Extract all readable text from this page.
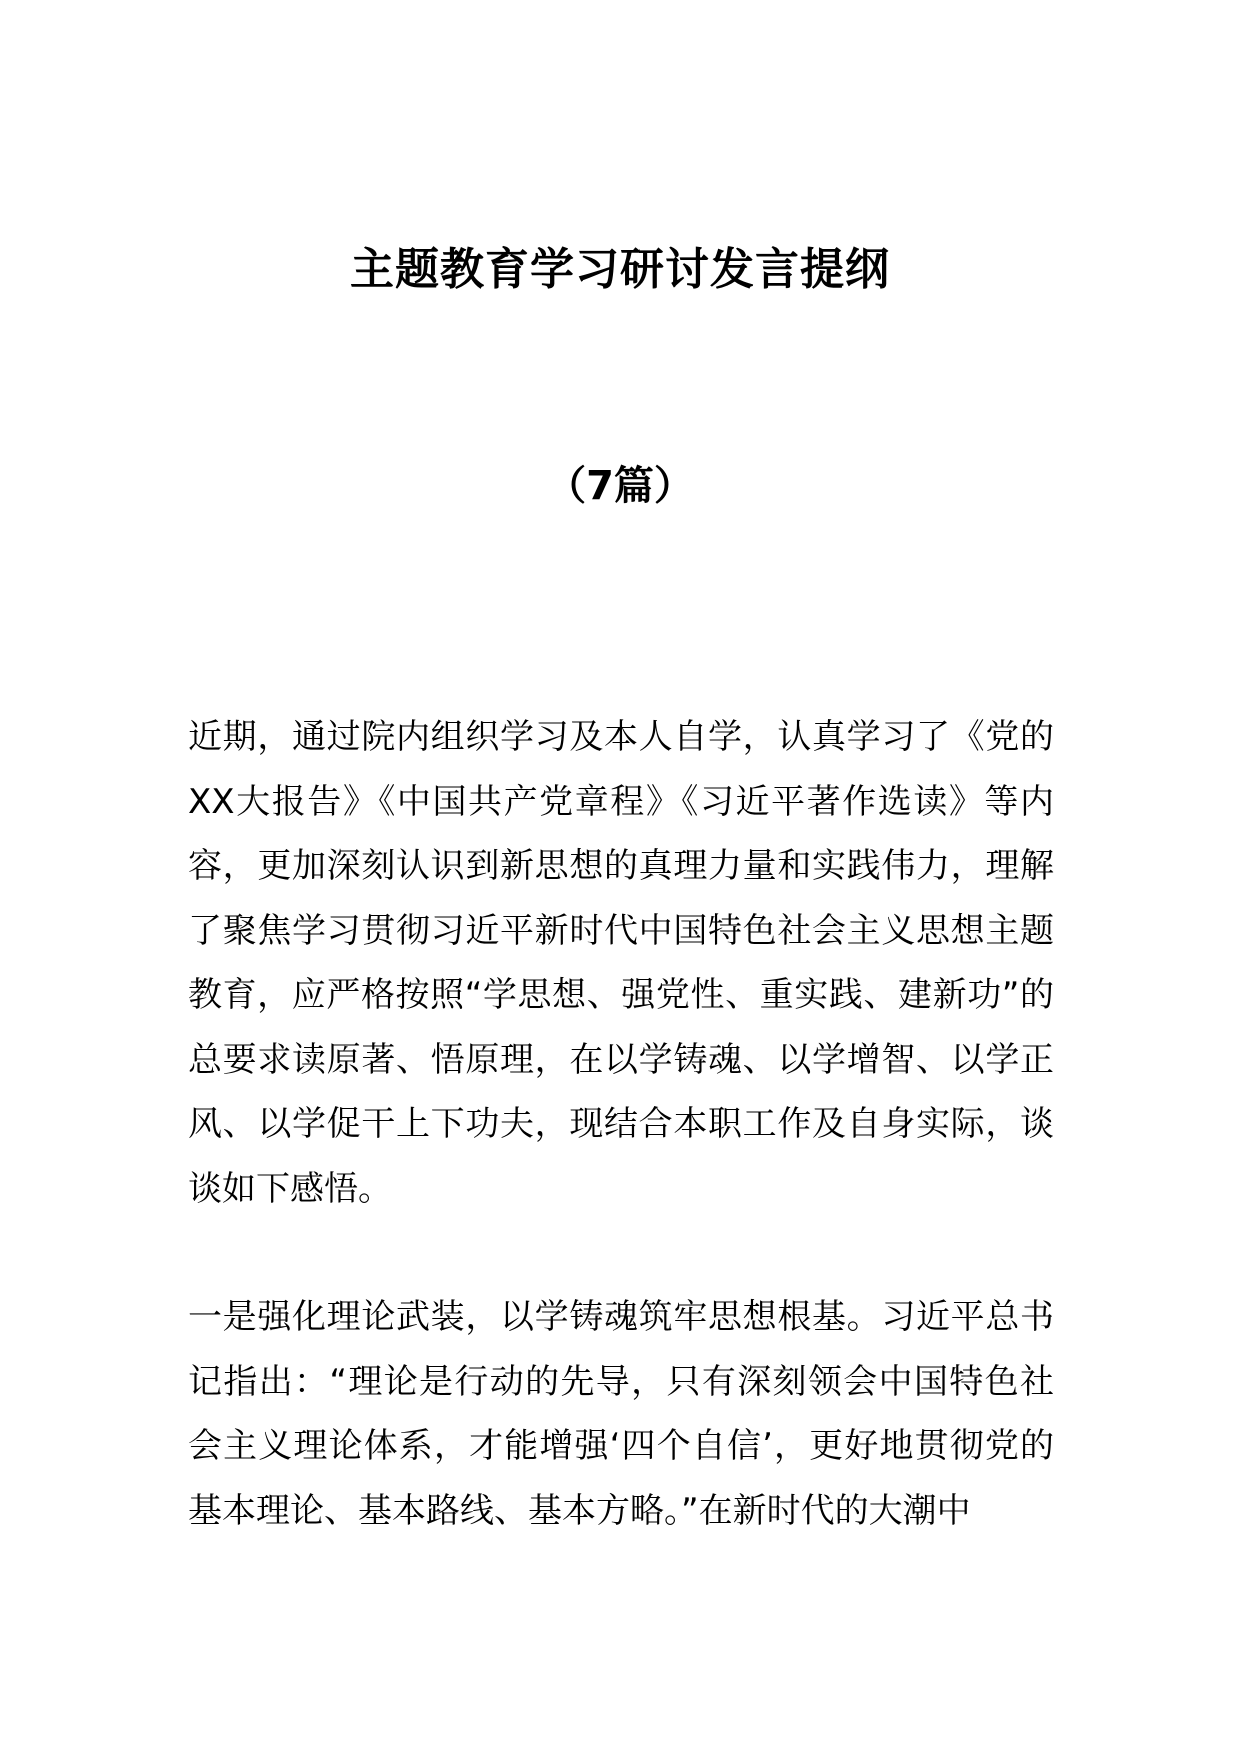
主题教育学习研讨发言提纲
（7篇）

近期，通过院内组织学习及本人自学，认真学习了《党的XX大报告》《中国共产党章程》《习近平著作选读》等内容，更加深刻认识到新思想的真理力量和实践伟力，理解了聚焦学习贯彻习近平新时代中国特色社会主义思想主题教育，应严格按照“学思想、强党性、重实践、建新功”的总要求读原著、悟原理，在以学铸魂、以学增智、以学正风、以学促干上下功夫，现结合本职工作及自身实际，谈谈如下感悟。

一是强化理论武装，以学铸魂筑牢思想根基。习近平总书记指出：“理论是行动的先导，只有深刻领会中国特色社会主义理论体系，才能增强‘四个自信’，更好地贯彻党的基本理论、基本路线、基本方略。”在新时代的大潮中
